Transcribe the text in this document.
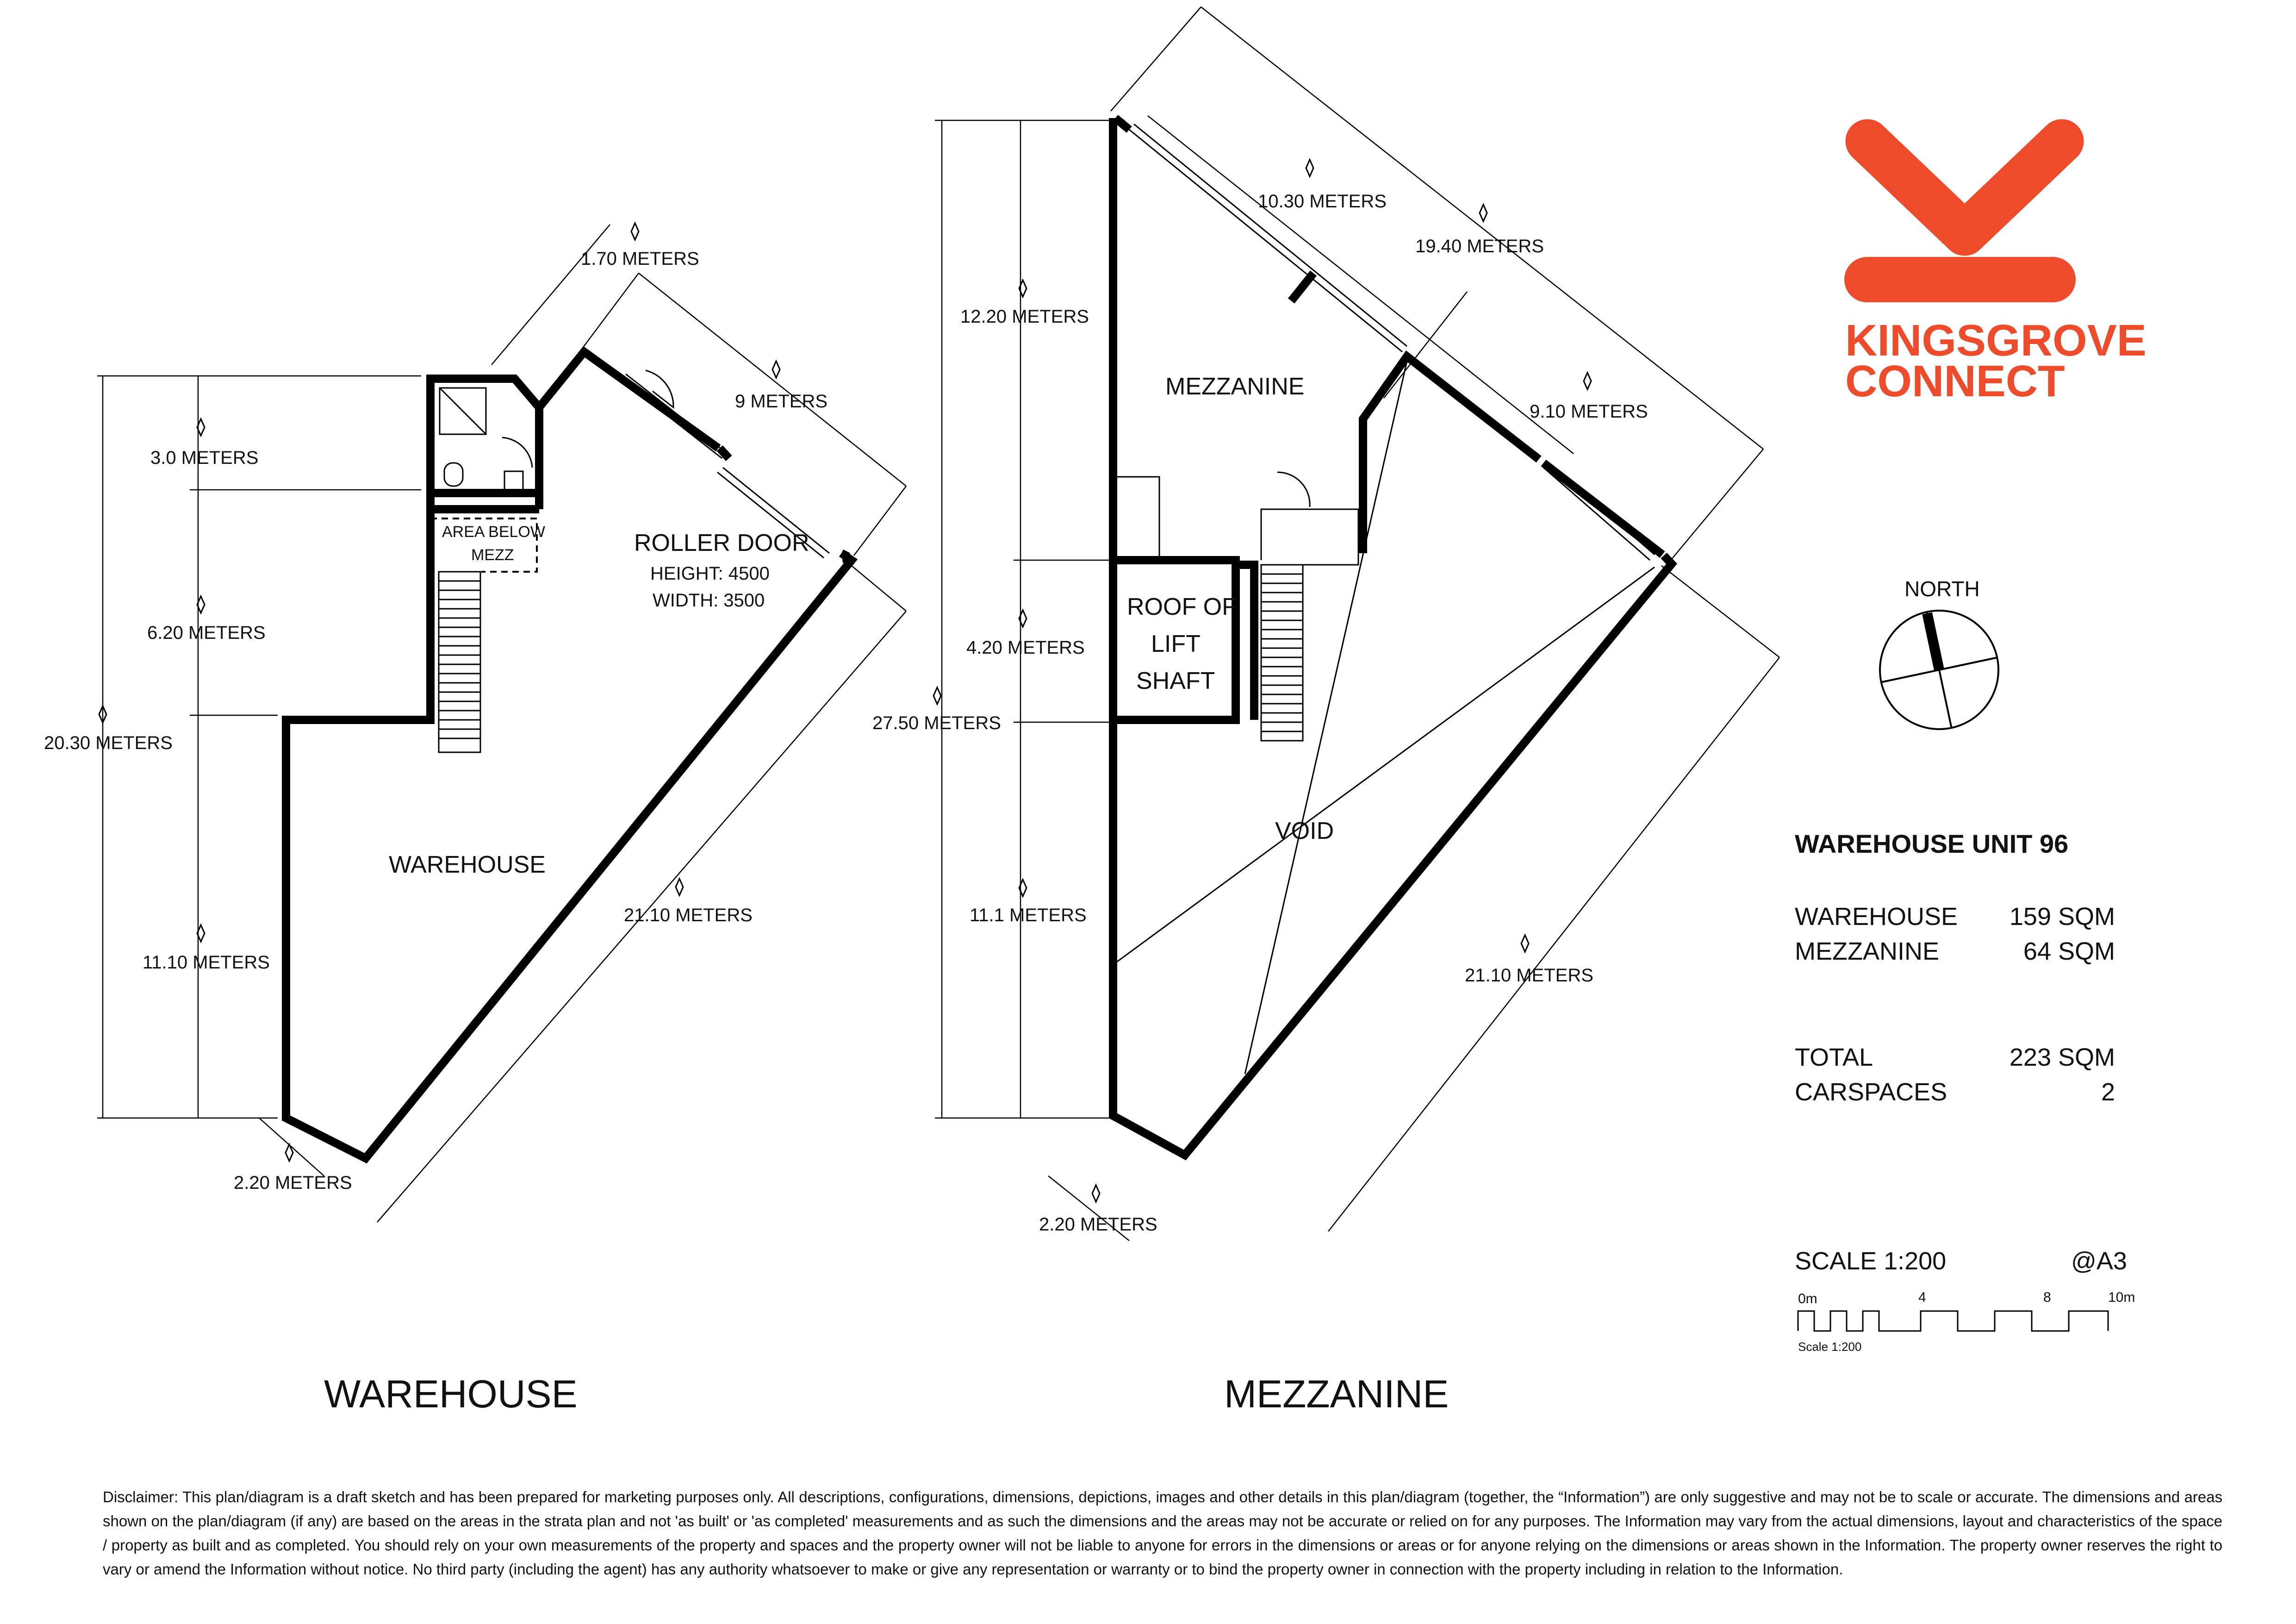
KINGSGROVE
CONNECT
NORTH
3.0 METERS
6.20 METERS
20.30 METERS
11.10 METERS
1.70 METERS
9 METERS
21.10 METERS
2.20 METERS
ROLLER DOOR
HEIGHT: 4500
WIDTH: 3500
AREA BELOW
MEZZ
WAREHOUSE
WAREHOUSE
12.20 METERS
4.20 METERS
27.50 METERS
11.1 METERS
10.30 METERS
19.40 METERS
9.10 METERS
21.10 METERS
2.20 METERS
MEZZANINE
ROOF OF
LIFT
SHAFT
VOID
MEZZANINE
WAREHOUSE UNIT 96
WAREHOUSE 159 SQM
MEZZANINE	64 SQM
TOTAL	223 SQM
CARSPACES	2
SCALE 1:200	@A3
0m	4	8	10m
Scale 1:200
Disclaimer: This plan/diagram is a draft sketch and has been prepared for marketing purposes only. All descriptions, configurations, dimensions, depictions, images and other details in this plan/diagram (together, the “Information”) are only suggestive and may not be to scale or accurate. The dimensions and areas shown on the plan/diagram (if any) are based on the areas in the strata plan and not 'as built' or 'as completed' measurements and as such the dimensions and the areas may not be accurate or relied on for any purposes. The Information may vary from the actual dimensions, layout and characteristics of the space / property as built and as completed. You should rely on your own measurements of the property and spaces and the property owner will not be liable to anyone for errors in the dimensions or areas or for anyone relying on the dimensions or areas shown in the Information. The property owner reserves the right to vary or amend the Information without notice. No third party (including the agent) has any authority whatsoever to make or give any representation or warranty or to bind the property owner in connection with the property including in relation to the Information.
